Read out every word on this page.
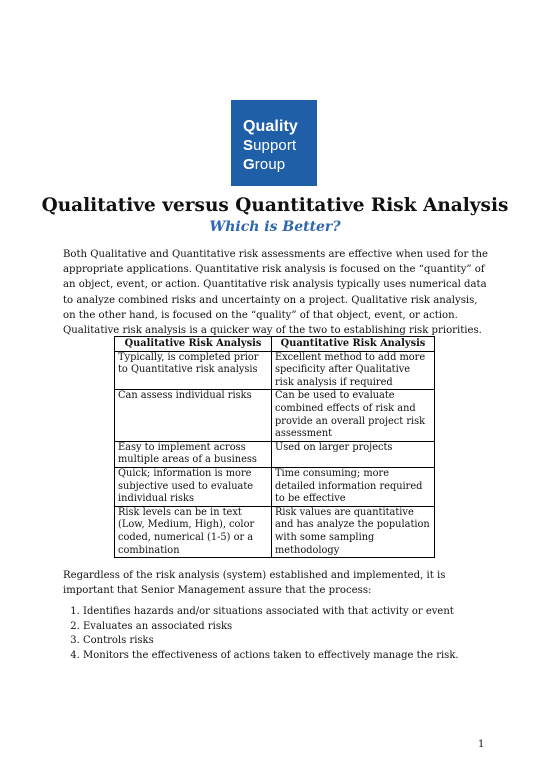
Quality
Support
Group
Qualitative versus Quantitative Risk Analysis
Which is Better?

Both Qualitative and Quantitative risk assessments are effective when used for the appropriate applications. Quantitative risk analysis is focused on the “quantity” of an object, event, or action. Quantitative risk analysis typically uses numerical data to analyze combined risks and uncertainty on a project. Qualitative risk analysis, on the other hand, is focused on the “quality” of that object, event, or action. Qualitative risk analysis is a quicker way of the two to establishing risk priorities.

Qualitative Risk Analysis	Quantitative Risk Analysis
Typically, is completed prior to Quantitative risk analysis	Excellent method to add more specificity after Qualitative risk analysis if required
Can assess individual risks	Can be used to evaluate combined effects of risk and provide an overall project risk assessment
Easy to implement across multiple areas of a business	Used on larger projects
Quick; information is more subjective used to evaluate individual risks	Time consuming; more detailed information required to be effective
Risk levels can be in text (Low, Medium, High), color coded, numerical (1-5) or a combination	Risk values are quantitative and has analyze the population with some sampling methodology

Regardless of the risk analysis (system) established and implemented, it is important that Senior Management assure that the process:

1. Identifies hazards and/or situations associated with that activity or event
2. Evaluates an associated risks
3. Controls risks
4. Monitors the effectiveness of actions taken to effectively manage the risk.
1
